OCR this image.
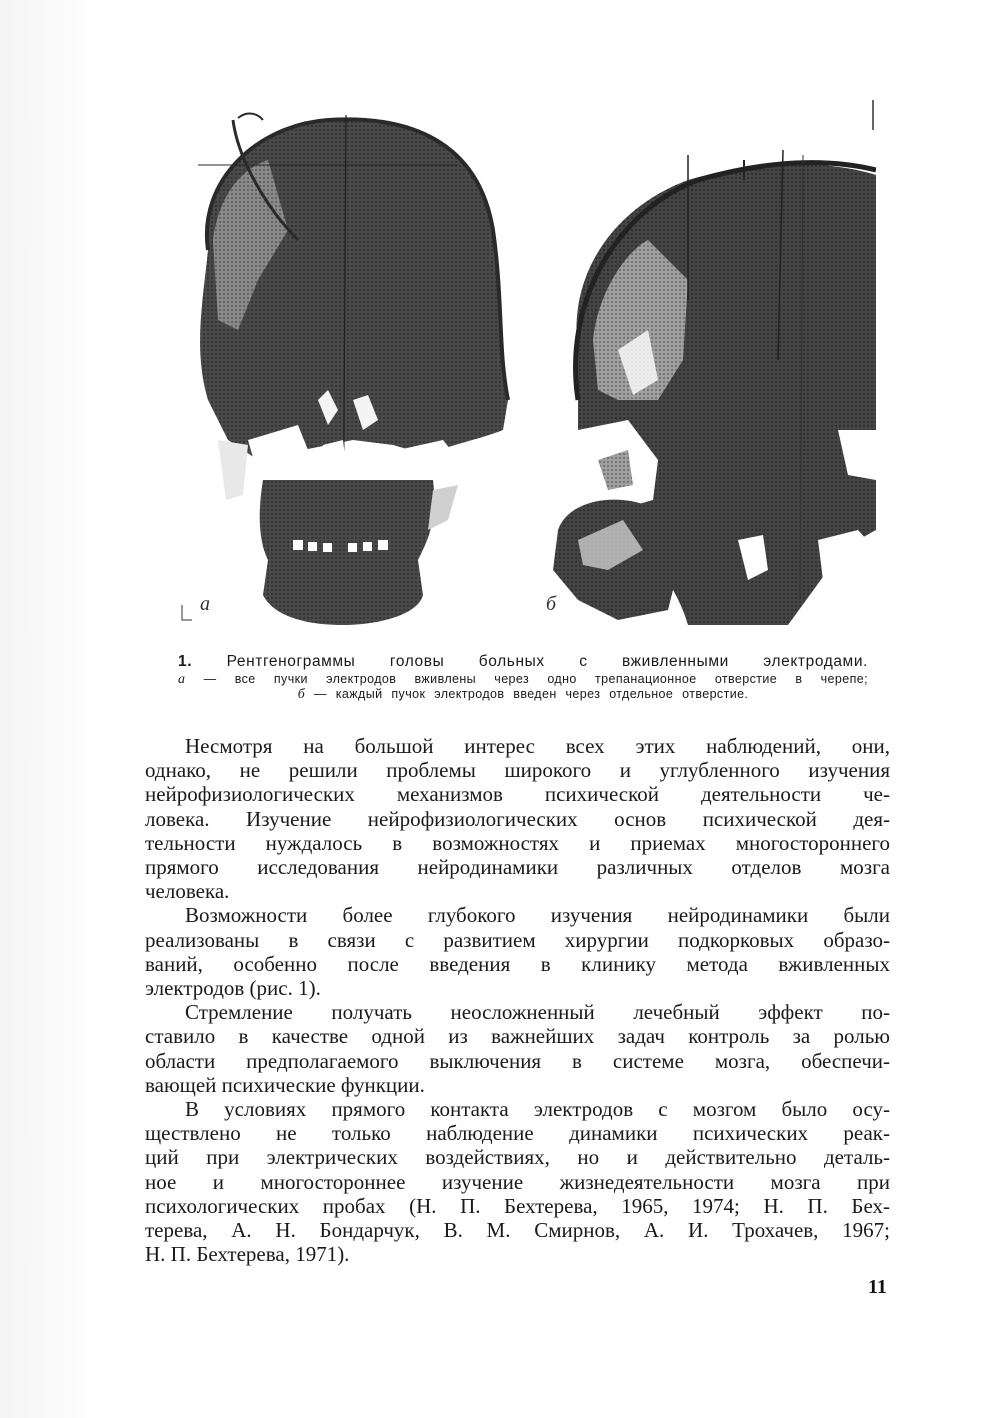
а	б
1. Рентгенограммы головы больных с вживленными электродами.
а — все пучки электродов вживлены через одно трепанационное отверстие в черепе;
б — каждый пучок электродов введен через отдельное отверстие.

Несмотря на большой интерес всех этих наблюдений, они,
однако, не решили проблемы широкого и углубленного изучения
нейрофизиологических механизмов психической деятельности че-
ловека. Изучение нейрофизиологических основ психической дея-
тельности нуждалось в возможностях и приемах многостороннего
прямого исследования нейродинамики различных отделов мозга
человека.

Возможности более глубокого изучения нейродинамики были
реализованы в связи с развитием хирургии подкорковых образо-
ваний, особенно после введения в клинику метода вживленных
электродов (рис. 1).

Стремление получать неосложненный лечебный эффект по-
ставило в качестве одной из важнейших задач контроль за ролью
области предполагаемого выключения в системе мозга, обеспечи-
вающей психические функции.

В условиях прямого контакта электродов с мозгом было осу-
ществлено не только наблюдение динамики психических реак-
ций при электрических воздействиях, но и действительно деталь-
ное и многостороннее изучение жизнедеятельности мозга при
психологических пробах (Н. П. Бехтерева, 1965, 1974; Н. П. Бех-
терева, А. Н. Бондарчук, В. М. Смирнов, А. И. Трохачев, 1967;
Н. П. Бехтерева, 1971).

11
